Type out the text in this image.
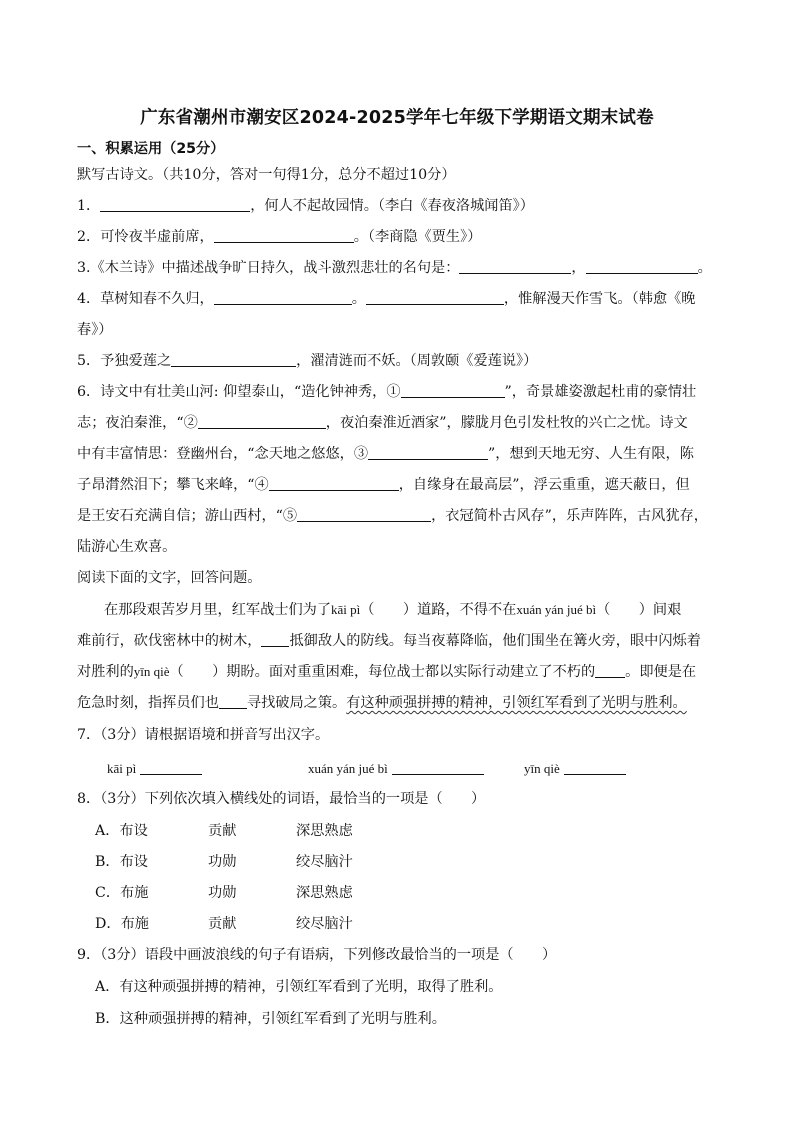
广东省潮州市潮安区2024-2025学年七年级下学期语文期末试卷
一、积累运用（25分）
默写古诗文。（共10分，答对一句得1分，总分不超过10分）
1．	，何人不起故园情。（李白《春夜洛城闻笛》）
2．可怜夜半虚前席，	。（李商隐《贾生》）
3.《木兰诗》中描述战争旷日持久，战斗激烈悲壮的名句是：	，	。
4．草树知春不久归，	。	，惟解漫天作雪飞。（韩愈《晚
春》）
5．予独爱莲之	，濯清涟而不妖。（周敦颐《爱莲说》）
6．诗文中有壮美山河: 仰望泰山，“造化钟神秀，①	”，奇景雄姿激起杜甫的豪情壮
志；夜泊秦淮，“②	，夜泊秦淮近酒家”，朦胧月色引发杜牧的兴亡之忧。诗文
中有丰富情思：登幽州台，“念天地之悠悠，③	”，想到天地无穷、人生有限，陈
子昂潸然泪下；攀飞来峰，“④	，自缘身在最高层”，浮云重重，遮天蔽日，但
是王安石充满自信；游山西村，“⑤	，衣冠简朴古风存”，乐声阵阵，古风犹存，
陆游心生欢喜。
阅读下面的文字，回答问题。
在那段艰苦岁月里，红军战士们为了kāi pì（　　）道路，不得不在xuán yán jué bì（　　）间艰
难前行，砍伐密林中的树木， 抵御敌人的防线。每当夜幕降临，他们围坐在篝火旁，眼中闪烁着
对胜利的yīn qiè（　　）期盼。面对重重困难，每位战士都以实际行动建立了不朽的 。即便是在
危急时刻，指挥员们也 寻找破局之策。有这种顽强拼搏的精神，引领红军看到了光明与胜利。
7．（3分）请根据语境和拼音写出汉字。
kāi pì	xuán yán jué bì	yīn qiè
8．（3分）下列依次填入横线处的词语，最恰当的一项是（　　）
A．布设	贡献	深思熟虑
B．布设	功勋	绞尽脑汁
C．布施	功勋	深思熟虑
D．布施	贡献	绞尽脑汁
9．（3分）语段中画波浪线的句子有语病，下列修改最恰当的一项是（　　）
A．有这种顽强拼搏的精神，引领红军看到了光明，取得了胜利。
B．这种顽强拼搏的精神，引领红军看到了光明与胜利。
